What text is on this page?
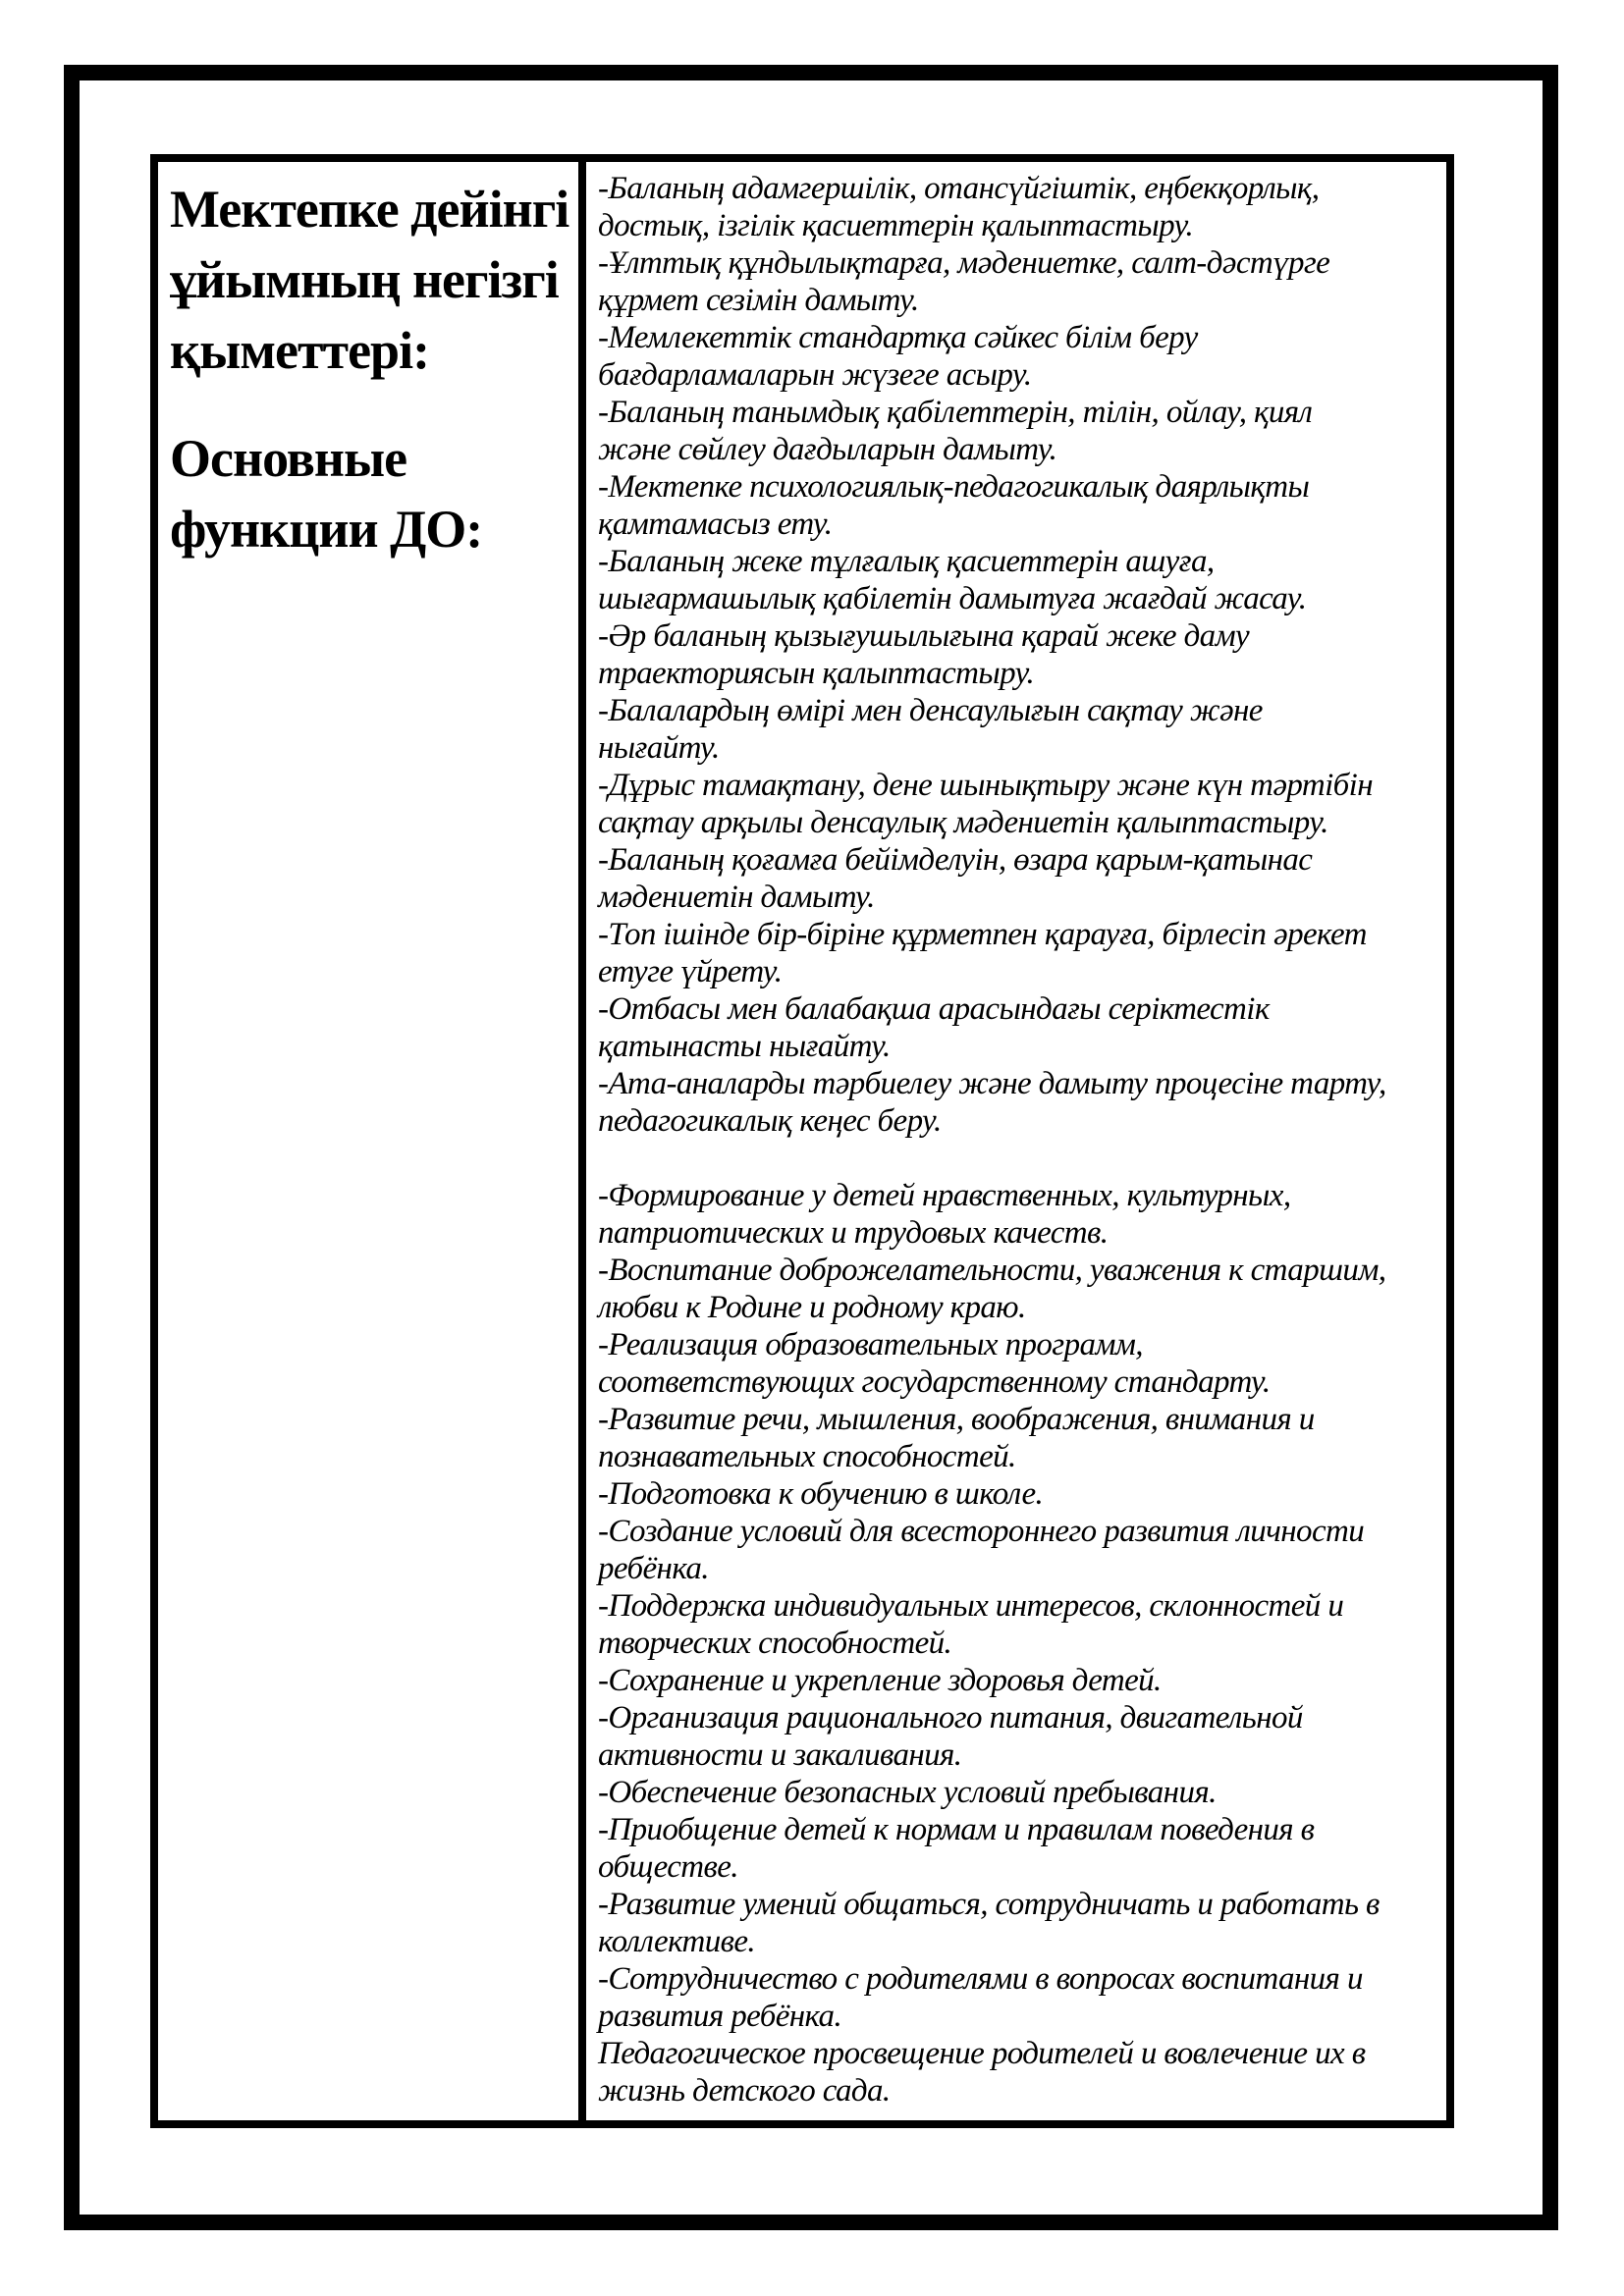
Мектепке дейінгі
ұйымның негізгі
қыметтері:
Основные
функции ДО:
-Баланың адамгершілік, отансүйгіштік, еңбекқорлық,
достық, ізгілік қасиеттерін қалыптастыру.
-Ұлттық құндылықтарға, мәдениетке, салт-дәстүрге
құрмет сезімін дамыту.
-Мемлекеттік стандартқа сәйкес білім беру
бағдарламаларын жүзеге асыру.
-Баланың танымдық қабілеттерін, тілін, ойлау, қиял
және сөйлеу дағдыларын дамыту.
-Мектепке психологиялық-педагогикалық даярлықты
қамтамасыз ету.
-Баланың жеке тұлғалық қасиеттерін ашуға,
шығармашылық қабілетін дамытуға жағдай жасау.
-Әр баланың қызығушылығына қарай жеке даму
траекториясын қалыптастыру.
-Балалардың өмірі мен денсаулығын сақтау және
нығайту.
-Дұрыс тамақтану, дене шынықтыру және күн тәртібін
сақтау арқылы денсаулық мәдениетін қалыптастыру.
-Баланың қоғамға бейімделуін, өзара қарым-қатынас
мәдениетін дамыту.
-Топ ішінде бір-біріне құрметпен қарауға, бірлесіп әрекет
етуге үйрету.
-Отбасы мен балабақша арасындағы серіктестік
қатынасты нығайту.
-Ата-аналарды тәрбиелеу және дамыту процесіне тарту,
педагогикалық кеңес беру.
-Формирование у детей нравственных, культурных,
патриотических и трудовых качеств.
-Воспитание доброжелательности, уважения к старшим,
любви к Родине и родному краю.
-Реализация образовательных программ,
соответствующих государственному стандарту.
-Развитие речи, мышления, воображения, внимания и
познавательных способностей.
-Подготовка к обучению в школе.
-Создание условий для всестороннего развития личности
ребёнка.
-Поддержка индивидуальных интересов, склонностей и
творческих способностей.
-Сохранение и укрепление здоровья детей.
-Организация рационального питания, двигательной
активности и закаливания.
-Обеспечение безопасных условий пребывания.
-Приобщение детей к нормам и правилам поведения в
обществе.
-Развитие умений общаться, сотрудничать и работать в
коллективе.
-Сотрудничество с родителями в вопросах воспитания и
развития ребёнка.
Педагогическое просвещение родителей и вовлечение их в
жизнь детского сада.
